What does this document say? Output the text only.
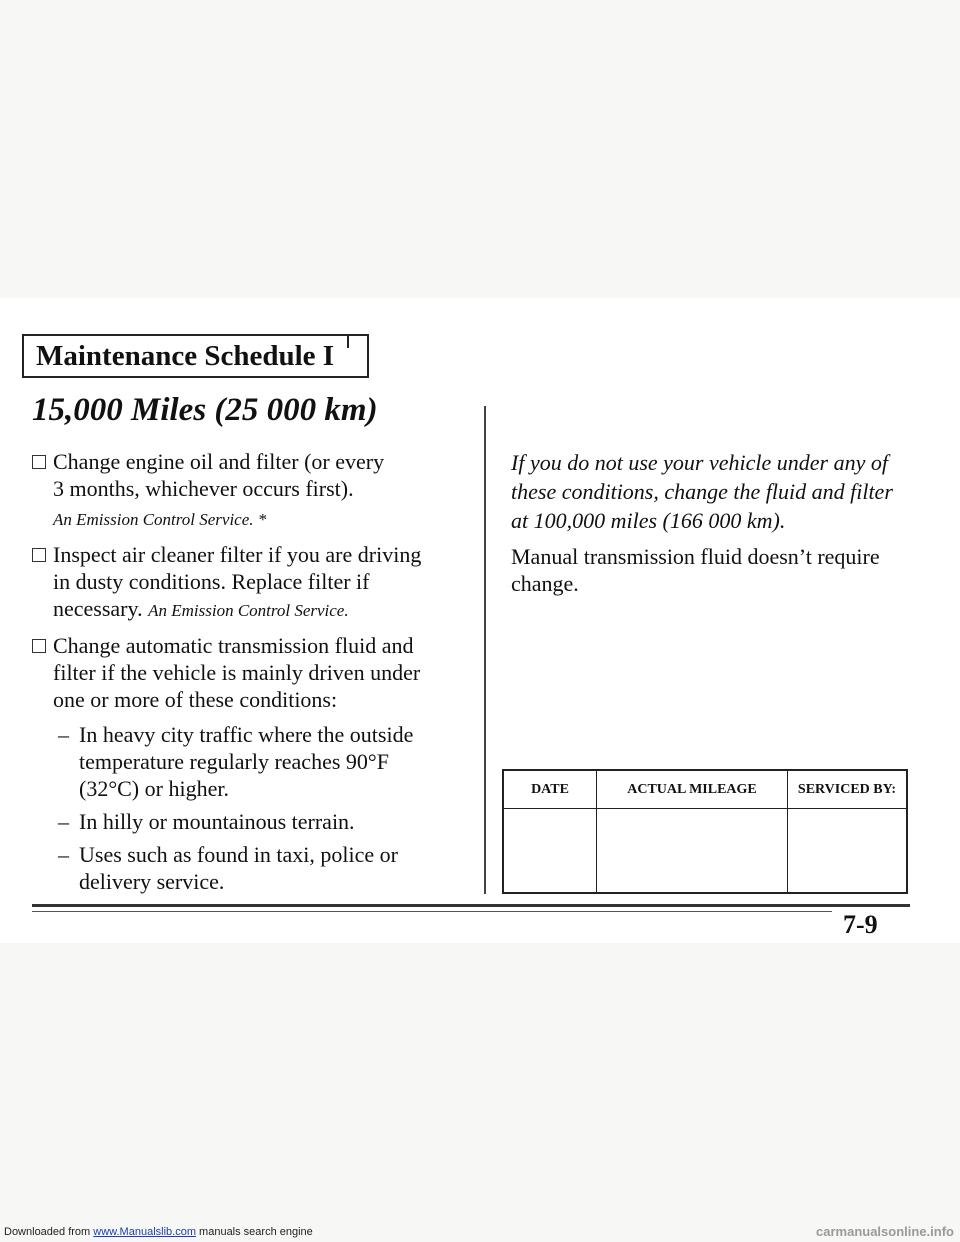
Maintenance Schedule I
15,000 Miles (25 000 km)
Change engine oil and filter (or every
3 months, whichever occurs first).
An Emission Control Service. *
Inspect air cleaner filter if you are driving
in dusty conditions. Replace filter if
necessary. An Emission Control Service.
Change automatic transmission fluid and
filter if the vehicle is mainly driven under
one or more of these conditions:
– In heavy city traffic where the outside
temperature regularly reaches 90°F
(32°C) or higher.
– In hilly or mountainous terrain.
– Uses such as found in taxi, police or
delivery service.

If you do not use your vehicle under any of
these conditions, change the fluid and filter
at 100,000 miles (166 000 km).

Manual transmission fluid doesn’t require
change.

DATE	ACTUAL MILEAGE	SERVICED BY:

7-9
Downloaded from www.Manualslib.com manuals search engine	carmanualsonline.info
